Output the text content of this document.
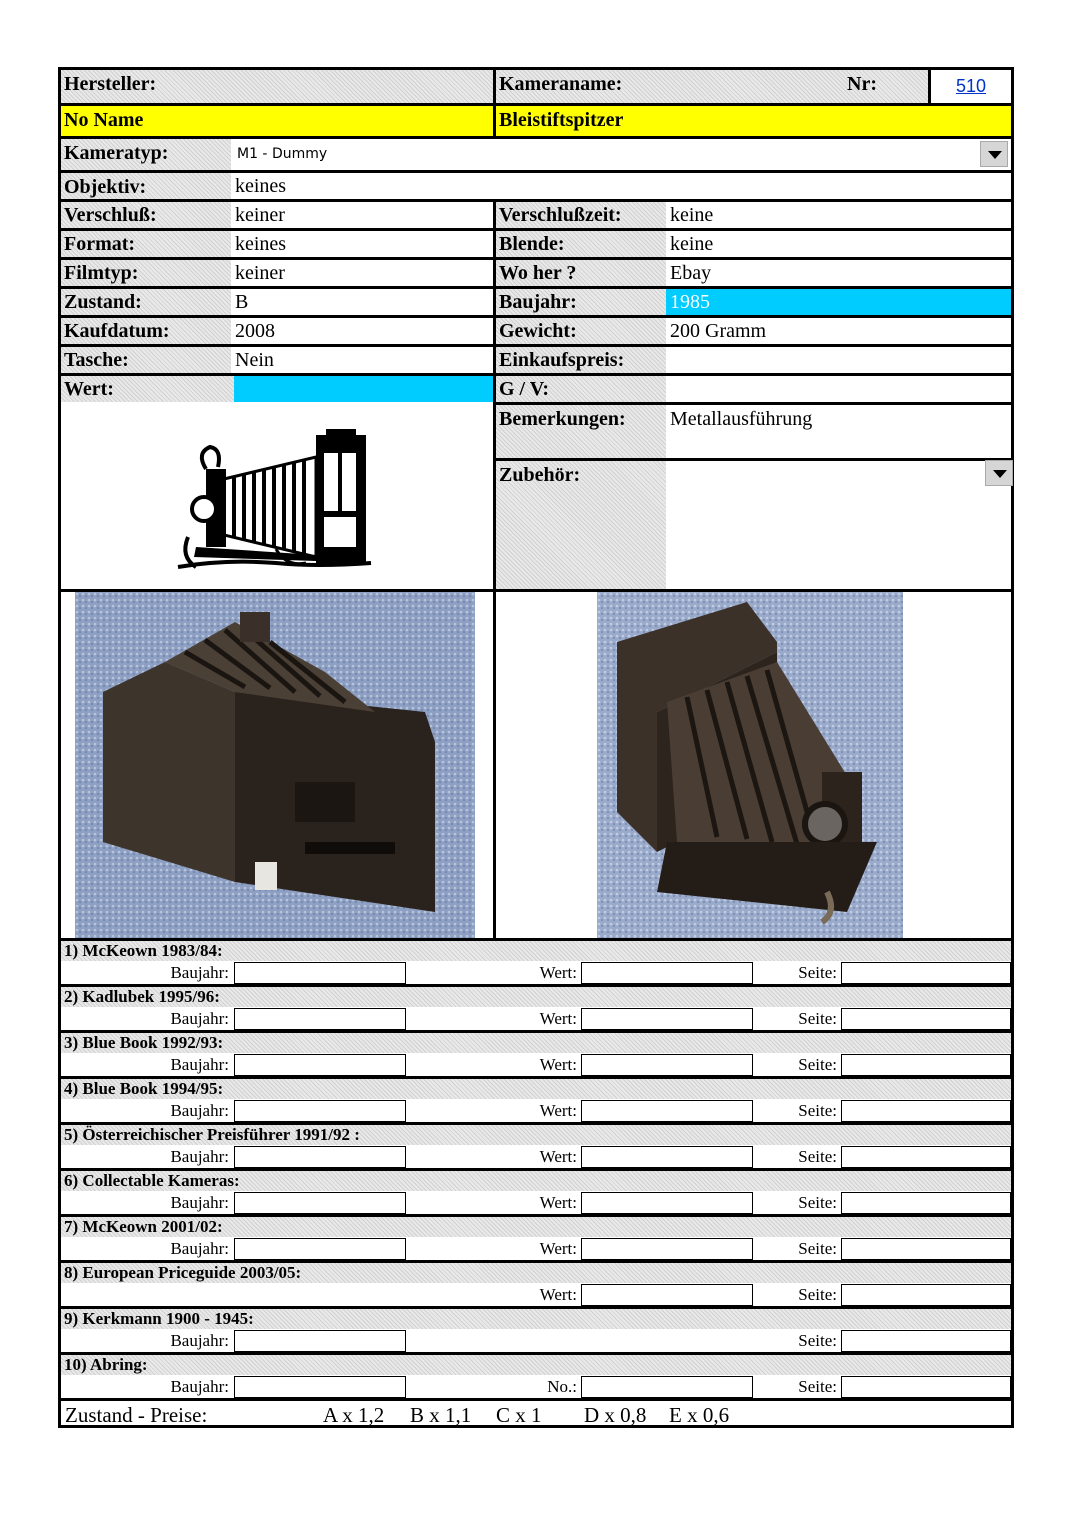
Hersteller:	Kameraname:	Nr:	510
No Name	Bleistiftspitzer
Kameratyp:	M1 - Dummy
Objektiv:	keines
Verschluß:	keiner
Format:	keines
Filmtyp:	keiner
Zustand:	B
Kaufdatum:	2008
Tasche:	Nein
Wert:
Verschlußzeit:	keine
Blende:	keine
Wo her ?	Ebay
Baujahr:	1985
Gewicht:	200 Gramm
Einkaufspreis:
G / V:
Bemerkungen:	Metallausführung
Zubehör:
1) McKeown 1983/84:
Baujahr:	Wert:	Seite:
2) Kadlubek 1995/96:
Baujahr:	Wert:	Seite:
3) Blue Book 1992/93:
Baujahr:	Wert:	Seite:
4) Blue Book 1994/95:
Baujahr:	Wert:	Seite:
5) Österreichischer Preisführer 1991/92 :
Baujahr:	Wert:	Seite:
6) Collectable Kameras:
Baujahr:	Wert:	Seite:
7) McKeown 2001/02:
Baujahr:	Wert:	Seite:
8) European Priceguide 2003/05:
Wert:	Seite:
9) Kerkmann 1900 - 1945:
Baujahr:	Seite:
10) Abring:
Baujahr:	No.:	Seite:
Zustand - Preise:	A x 1,2 B x 1,1 C x 1 D x 0,8 E x 0,6
